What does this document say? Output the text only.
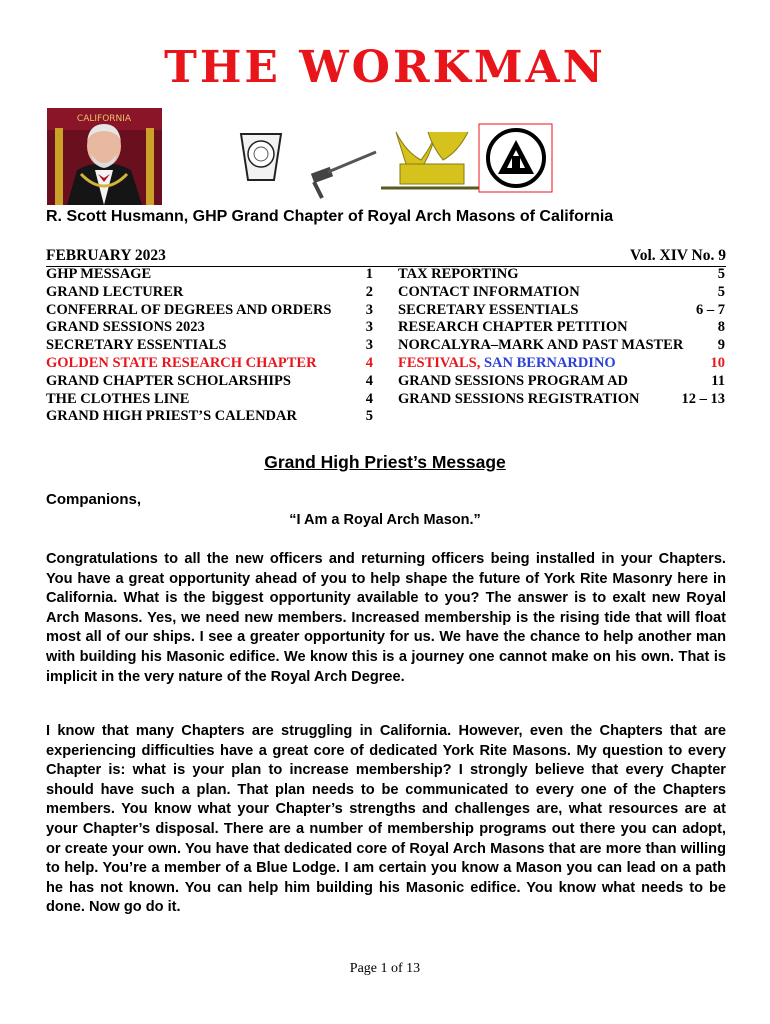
THE WORKMAN
CALIFORNIA
R. Scott Husmann, GHP Grand Chapter of Royal Arch Masons of California
FEBRUARY 2023	Vol. XIV No. 9
GHP MESSAGE	1
GRAND LECTURER	2
CONFERRAL OF DEGREES AND ORDERS 3
GRAND SESSIONS 2023	3
SECRETARY ESSENTIALS	3
GOLDEN STATE RESEARCH CHAPTER	4
GRAND CHAPTER SCHOLARSHIPS	4
THE CLOTHES LINE	4
GRAND HIGH PRIEST’S CALENDAR	5
TAX REPORTING	5
CONTACT INFORMATION	5
SECRETARY ESSENTIALS	6 – 7
RESEARCH CHAPTER PETITION	8
NORCALYRA–MARK AND PAST MASTER 9
FESTIVALS, SAN BERNARDINO	10
GRAND SESSIONS PROGRAM AD	11
GRAND SESSIONS REGISTRATION	12 – 13
Grand High Priest’s Message
Companions,
“I Am a Royal Arch Mason.”
Congratulations to all the new officers and returning officers being installed in your Chapters. You have a great opportunity ahead of you to help shape the future of York Rite Masonry here in California. What is the biggest opportunity available to you? The answer is to exalt new Royal Arch Masons. Yes, we need new members. Increased membership is the rising tide that will float most all of our ships. I see a greater opportunity for us. We have the chance to help another man with building his Masonic edifice. We know this is a journey one cannot make on his own. That is implicit in the very nature of the Royal Arch Degree.
I know that many Chapters are struggling in California. However, even the Chapters that are experiencing difficulties have a great core of dedicated York Rite Masons. My question to every Chapter is: what is your plan to increase membership? I strongly believe that every Chapter should have such a plan. That plan needs to be communicated to every one of the Chapters members. You know what your Chapter’s strengths and challenges are, what resources are at your Chapter’s disposal. There are a number of membership programs out there you can adopt, or create your own. You have that dedicated core of Royal Arch Masons that are more than willing to help. You’re a member of a Blue Lodge. I am certain you know a Mason you can lead on a path he has not known. You can help him building his Masonic edifice. You know what needs to be done. Now go do it.
Page 1 of 13
